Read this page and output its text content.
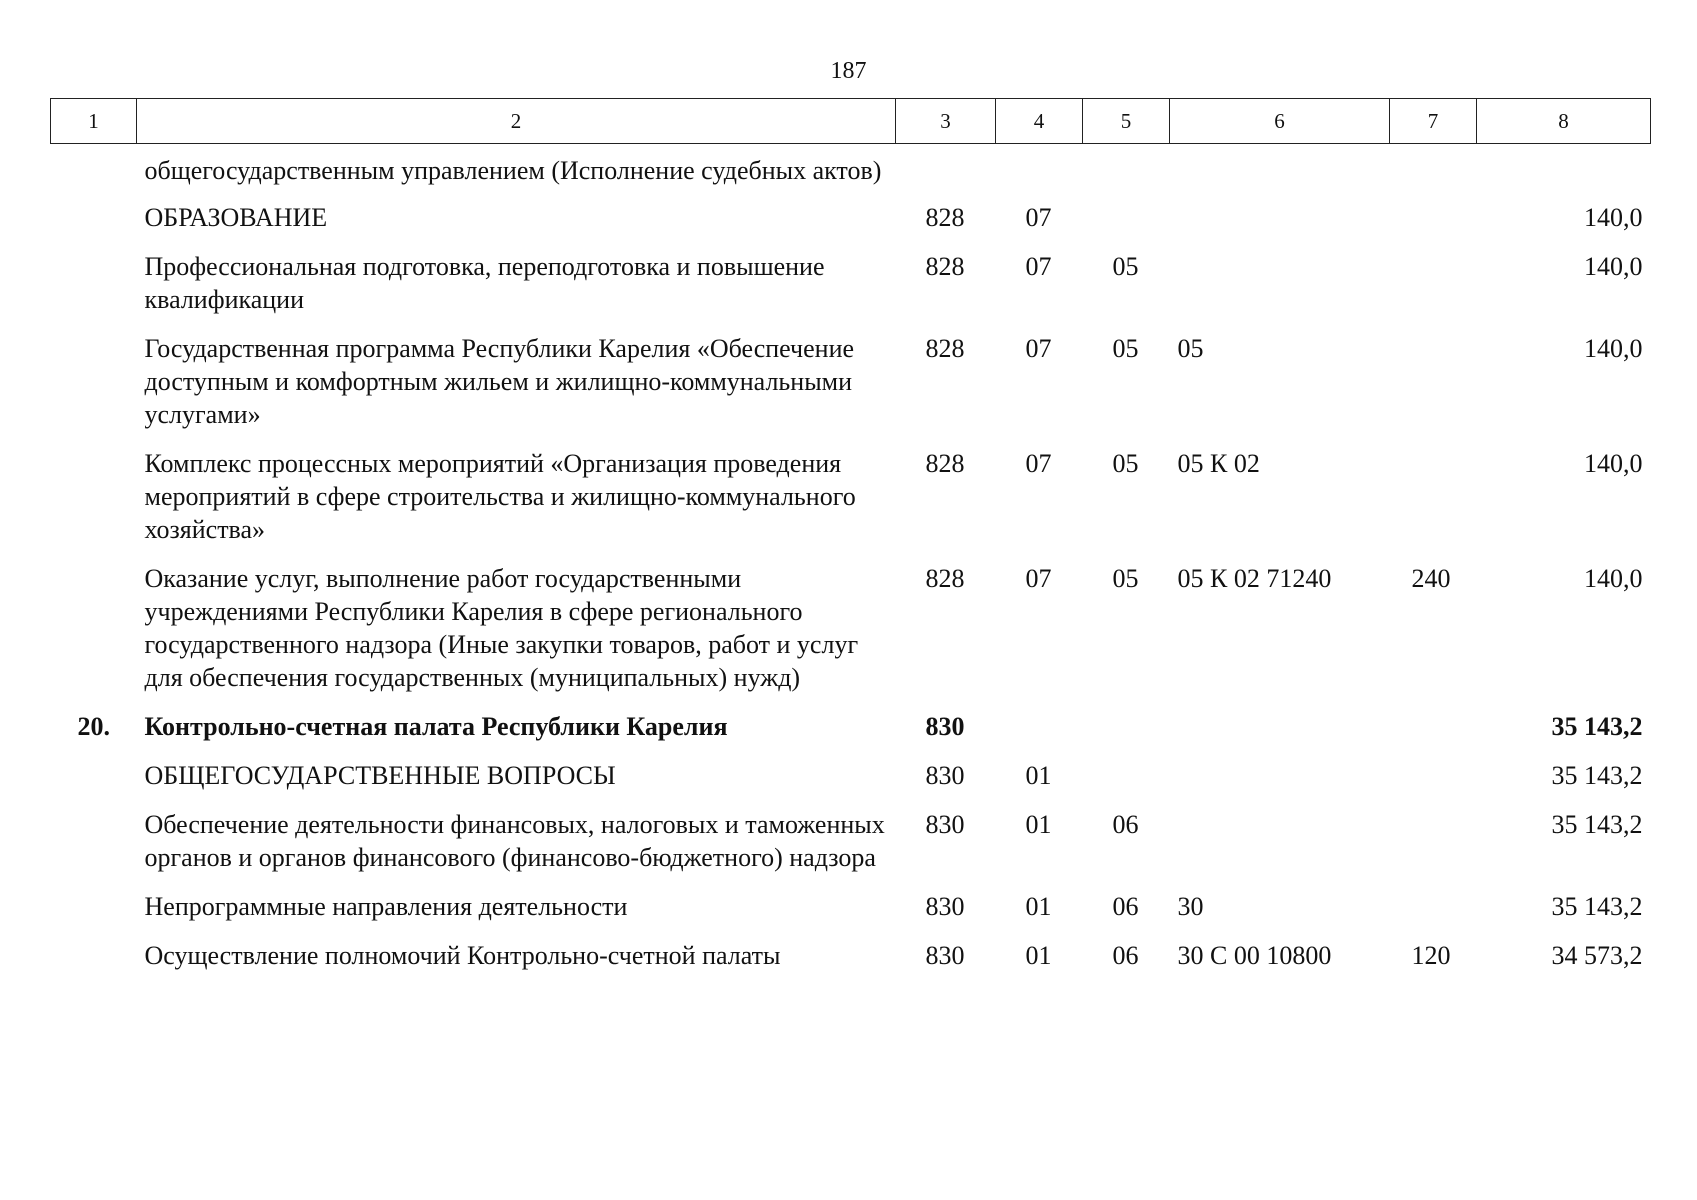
187
1	2	3	4	5	6	7	8
	общегосударственным управлением (Исполнение судебных актов)						
	ОБРАЗОВАНИЕ	828	07				140,0
	Профессиональная подготовка, переподготовка и повышение квалификации	828	07	05			140,0
	Государственная программа Республики Карелия «Обеспечение доступным и комфортным жильем и жилищно-коммунальными услугами»	828	07	05	05		140,0
	Комплекс процессных мероприятий «Организация проведения мероприятий в сфере строительства и жилищно-коммунального хозяйства»	828	07	05	05 К 02		140,0
	Оказание услуг, выполнение работ государственными учреждениями Республики Карелия в сфере регионального государственного надзора (Иные закупки товаров, работ и услуг для обеспечения государственных (муниципальных) нужд)	828	07	05	05 К 02 71240	240	140,0
20.	Контрольно-счетная палата Республики Карелия	830					35 143,2
	ОБЩЕГОСУДАРСТВЕННЫЕ ВОПРОСЫ	830	01				35 143,2
	Обеспечение деятельности финансовых, налоговых и таможенных органов и органов финансового (финансово-бюджетного) надзора	830	01	06			35 143,2
	Непрограммные направления деятельности	830	01	06	30		35 143,2
	Осуществление полномочий Контрольно-счетной палаты	830	01	06	30 С 00 10800	120	34 573,2
